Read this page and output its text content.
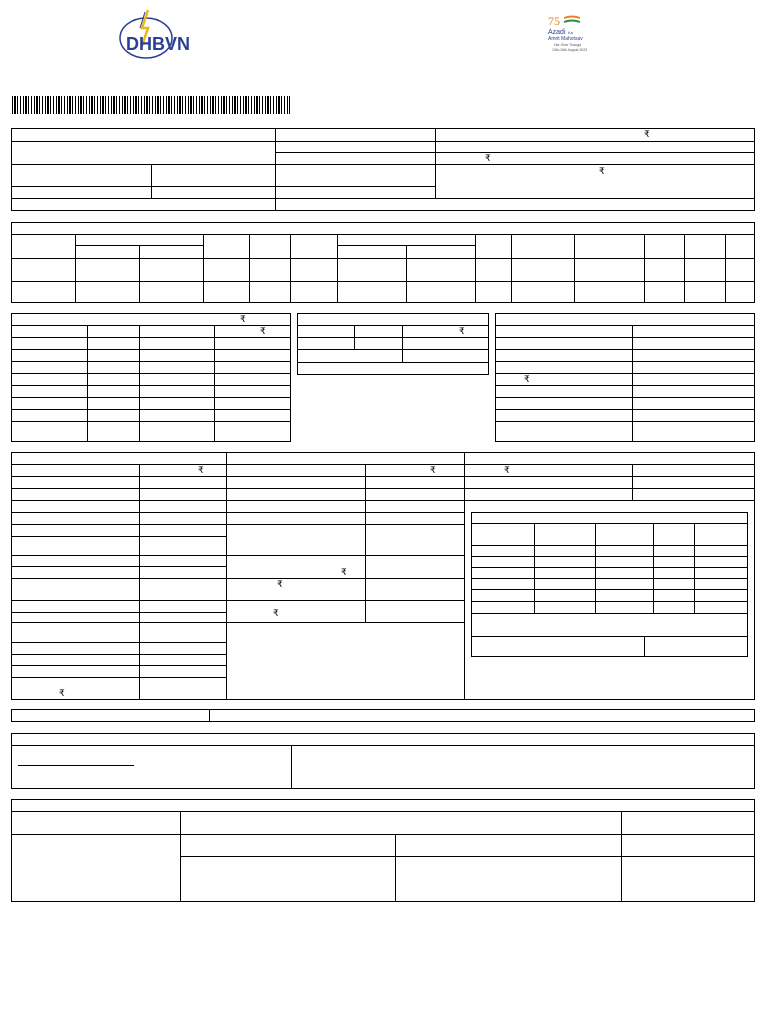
DHBVN
75
Azadi Ka
Amrit Mahotsav
Har Ghar Tiranga
13th-15th August 2022
₹
₹
₹
₹
₹	₹
₹
₹	₹
₹
₹
₹
₹
₹
